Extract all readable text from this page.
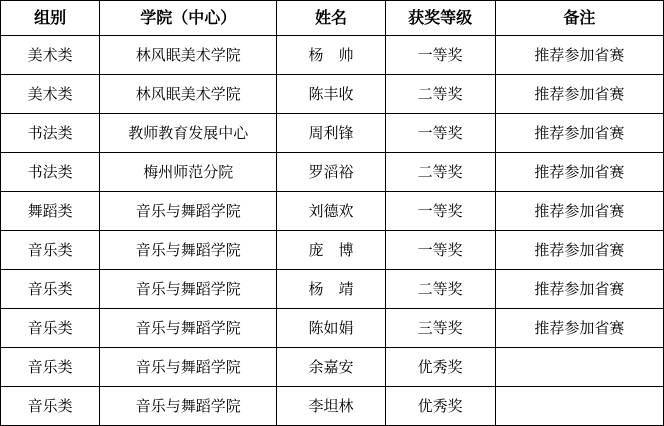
组别	学院（中心）	姓名	获奖等级	备注
美术类	林风眠美术学院	杨　帅	一等奖	推荐参加省赛
美术类	林风眠美术学院	陈丰收	二等奖	推荐参加省赛
书法类	教师教育发展中心	周利锋	一等奖	推荐参加省赛
书法类	梅州师范分院	罗滔裕	二等奖	推荐参加省赛
舞蹈类	音乐与舞蹈学院	刘德欢	一等奖	推荐参加省赛
音乐类	音乐与舞蹈学院	庞　博	一等奖	推荐参加省赛
音乐类	音乐与舞蹈学院	杨　靖	二等奖	推荐参加省赛
音乐类	音乐与舞蹈学院	陈如娟	三等奖	推荐参加省赛
音乐类	音乐与舞蹈学院	余嘉安	优秀奖	
音乐类	音乐与舞蹈学院	李坦林	优秀奖	
